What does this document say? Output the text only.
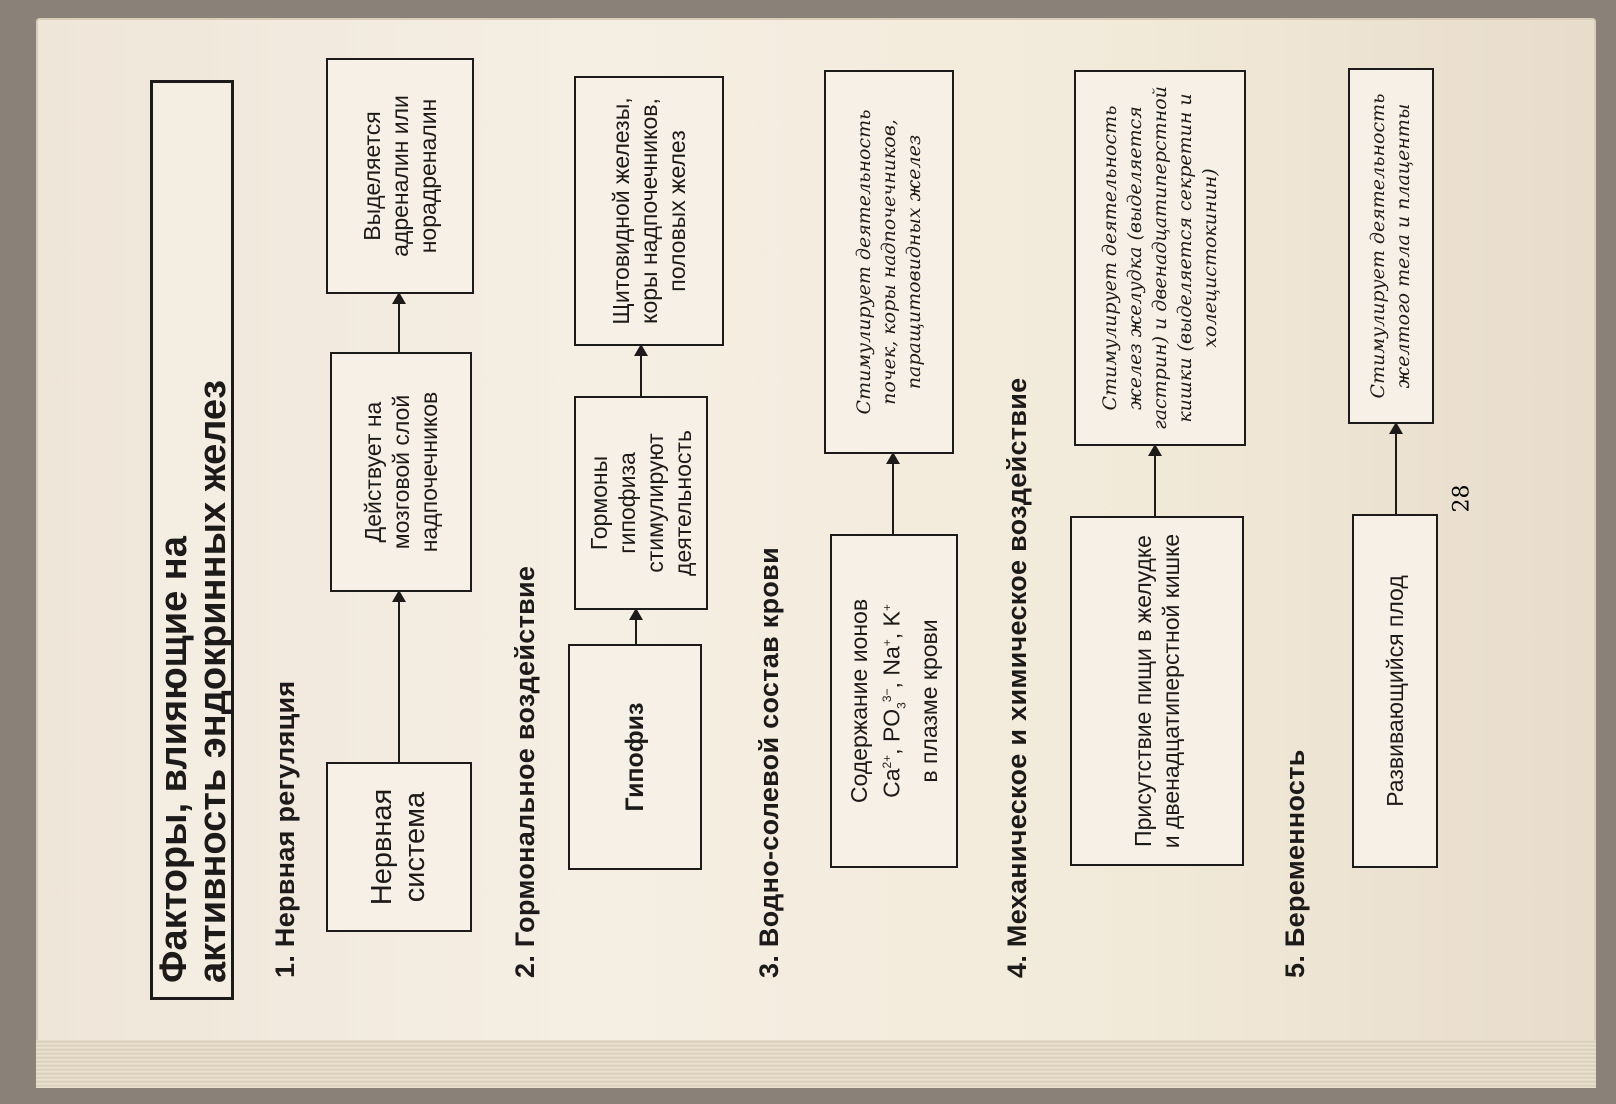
Факторы, влияющие на

активность эндокринных желез 1. Нервная регуляция	Нервная система
Действует на мозговой слой надпочечников
Выделяется адреналин или норадреналин
2. Гормональное воздействие	Гипофиз
Гормоны гипофиза стимулируют деятельность
Щитовидной железы, коры надпочечников, половых желез
3. Водно-солевой состав крови	Содержание ионов $Ca^{2+}$, $PO_3^{3-}$, Na+, K+
в плазме крови
Стимулирует деятельность почек, коры надпочечников, паращитовидных желез
4. Механическое и химическое воздействие	Присутствие пищи в желудке и двенадцатиперстной кишке
Стимулирует деятельность желез желудка (выделяется гастрин) и двенадцатиперстной кишки (выделяется секретин и холецистокинин)
5. Беременность
Развивающийся плод
Стимулирует деятельность желтого тела и плаценты
28
